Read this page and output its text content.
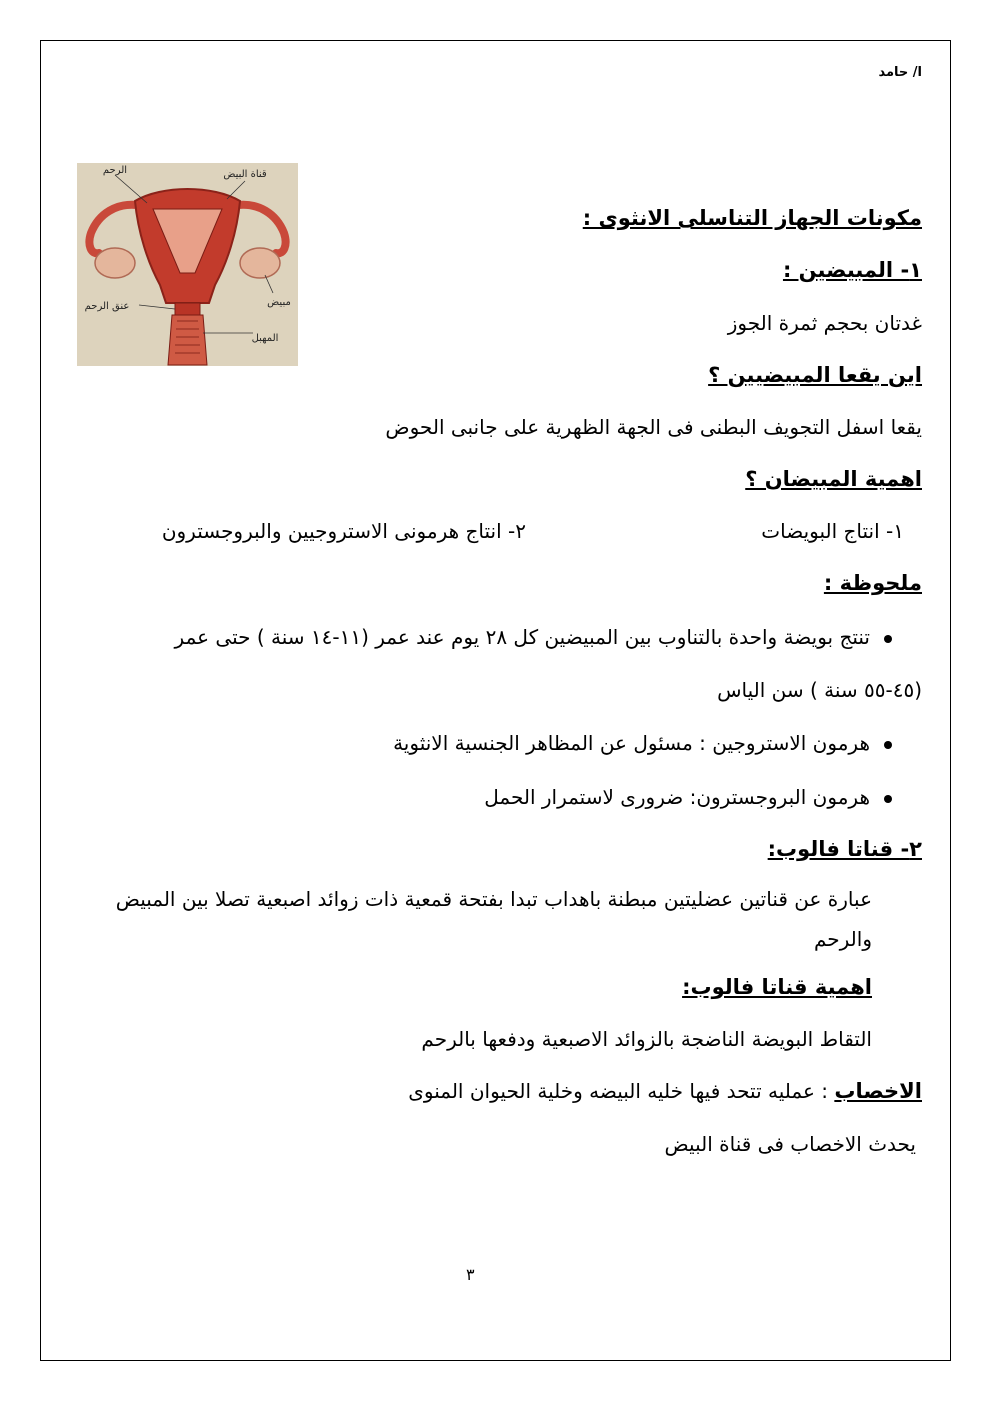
ا/ حامد
الرحم	قناة البيض
مبيض
عنق الرحم
المهبل
مكونات الجهاز التناسلى الانثوى :
١- المبيضين :
غدتان بحجم ثمرة الجوز
اين يقعا المبيضيين ؟
يقعا اسفل التجويف البطنى فى الجهة الظهرية على جانبى الحوض
اهمية المبيضان ؟
١- انتاج البويضات
٢- انتاج هرمونى الاستروجيين والبروجسترون
ملحوظة :
تنتج بويضة واحدة بالتناوب بين المبيضين كل ٢٨ يوم عند عمر (١١-١٤ سنة ) حتى عمر
(٤٥-٥٥ سنة ) سن الياس
هرمون الاستروجين : مسئول عن المظاهر الجنسية الانثوية
هرمون البروجسترون: ضرورى لاستمرار الحمل
٢- قناتا فالوب:
عبارة عن قناتين عضليتين مبطنة باهداب تبدا بفتحة قمعية ذات زوائد اصبعية تصلا بين المبيض
والرحم
اهمية قناتا فالوب:
التقاط البويضة الناضجة بالزوائد الاصبعية ودفعها بالرحم
الاخصاب : عمليه تتحد فيها خليه البيضه وخلية الحيوان المنوى
يحدث الاخصاب فى قناة البيض
٣
